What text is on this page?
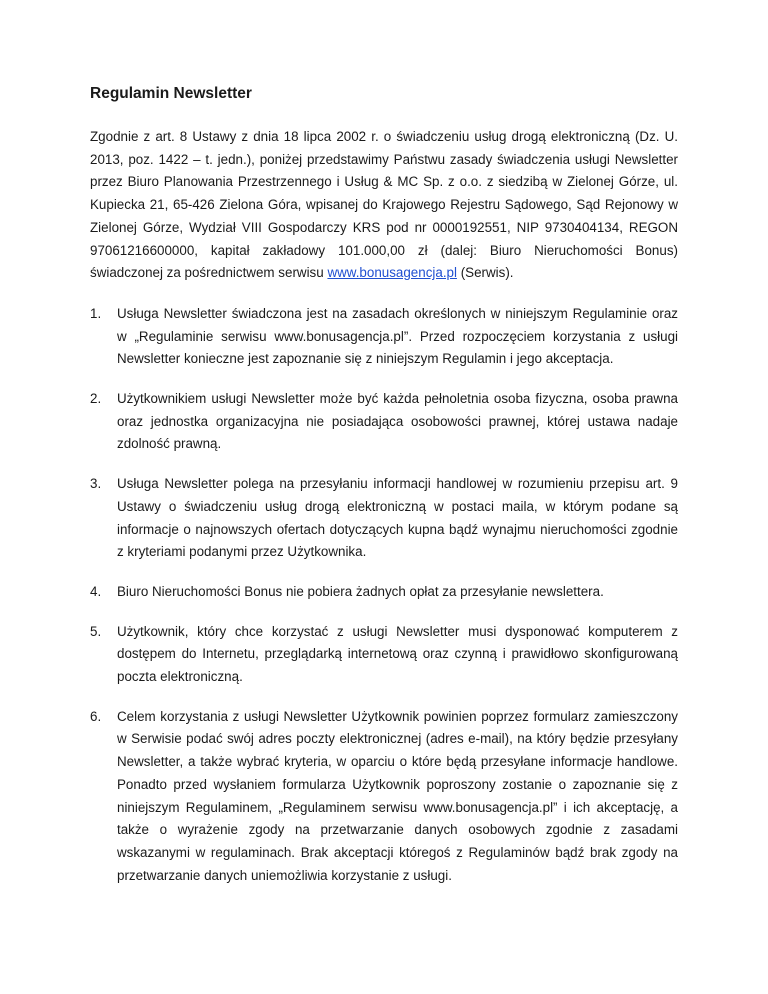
Regulamin Newsletter

Zgodnie z art. 8 Ustawy z dnia 18 lipca 2002 r. o świadczeniu usług drogą elektroniczną (Dz. U. 2013, poz. 1422 – t. jedn.), poniżej przedstawimy Państwu zasady świadczenia usługi Newsletter przez Biuro Planowania Przestrzennego i Usług & MC Sp. z o.o. z siedzibą w Zielonej Górze, ul. Kupiecka 21, 65-426 Zielona Góra, wpisanej do Krajowego Rejestru Sądowego, Sąd Rejonowy w Zielonej Górze, Wydział VIII Gospodarczy KRS pod nr 0000192551, NIP 9730404134, REGON 97061216600000, kapitał zakładowy 101.000,00 zł (dalej: Biuro Nieruchomości Bonus) świadczonej za pośrednictwem serwisu www.bonusagencja.pl (Serwis).

1. Usługa Newsletter świadczona jest na zasadach określonych w niniejszym Regulaminie oraz w „Regulaminie serwisu www.bonusagencja.pl”. Przed rozpoczęciem korzystania z usługi Newsletter konieczne jest zapoznanie się z niniejszym Regulamin i jego akceptacja.
2. Użytkownikiem usługi Newsletter może być każda pełnoletnia osoba fizyczna, osoba prawna oraz jednostka organizacyjna nie posiadająca osobowości prawnej, której ustawa nadaje zdolność prawną.
3. Usługa Newsletter polega na przesyłaniu informacji handlowej w rozumieniu przepisu art. 9 Ustawy o świadczeniu usług drogą elektroniczną w postaci maila, w którym podane są informacje o najnowszych ofertach dotyczących kupna bądź wynajmu nieruchomości zgodnie z kryteriami podanymi przez Użytkownika.
4. Biuro Nieruchomości Bonus nie pobiera żadnych opłat za przesyłanie newslettera.
5. Użytkownik, który chce korzystać z usługi Newsletter musi dysponować komputerem z dostępem do Internetu, przeglądarką internetową oraz czynną i prawidłowo skonfigurowaną poczta elektroniczną.
6. Celem korzystania z usługi Newsletter Użytkownik powinien poprzez formularz zamieszczony w Serwisie podać swój adres poczty elektronicznej (adres e-mail), na który będzie przesyłany Newsletter, a także wybrać kryteria, w oparciu o które będą przesyłane informacje handlowe. Ponadto przed wysłaniem formularza Użytkownik poproszony zostanie o zapoznanie się z niniejszym Regulaminem, „Regulaminem serwisu www.bonusagencja.pl” i ich akceptację, a także o wyrażenie zgody na przetwarzanie danych osobowych zgodnie z zasadami wskazanymi w regulaminach. Brak akceptacji któregoś z Regulaminów bądź brak zgody na przetwarzanie danych uniemożliwia korzystanie z usługi.
